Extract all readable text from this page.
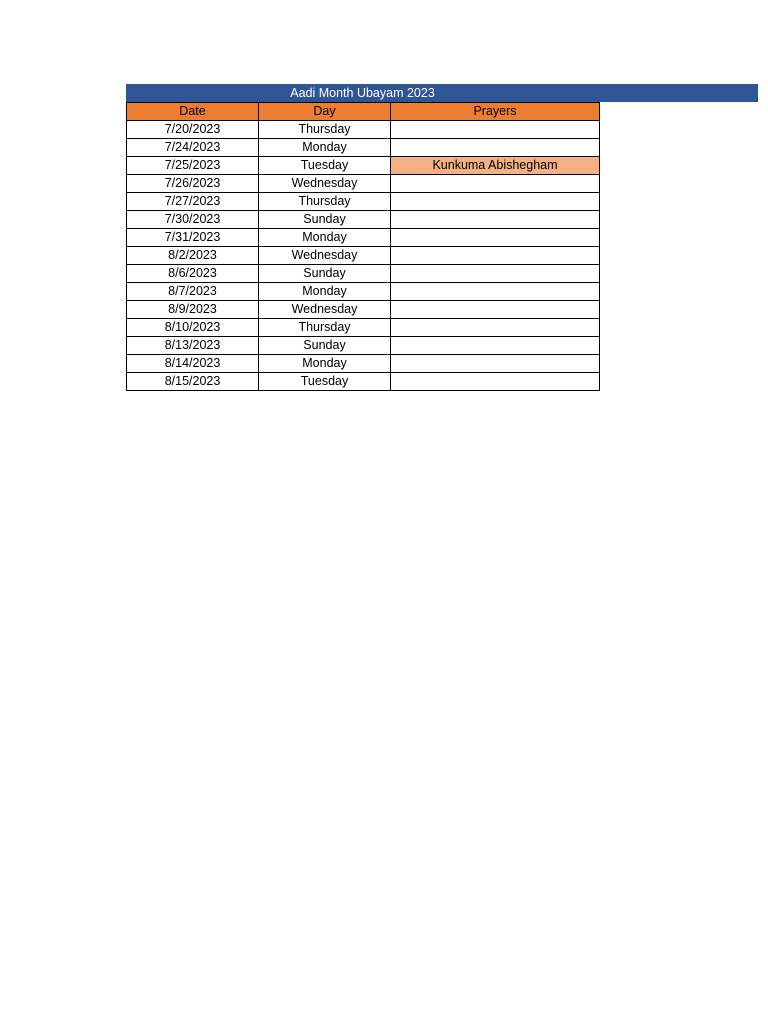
Aadi Month Ubayam 2023
Date	Day	Prayers
7/20/2023	Thursday	
7/24/2023	Monday	
7/25/2023	Tuesday	Kunkuma Abishegham
7/26/2023	Wednesday	
7/27/2023	Thursday	
7/30/2023	Sunday	
7/31/2023	Monday	
8/2/2023	Wednesday	
8/6/2023	Sunday	
8/7/2023	Monday	
8/9/2023	Wednesday	
8/10/2023	Thursday	
8/13/2023	Sunday	
8/14/2023	Monday	
8/15/2023	Tuesday	
